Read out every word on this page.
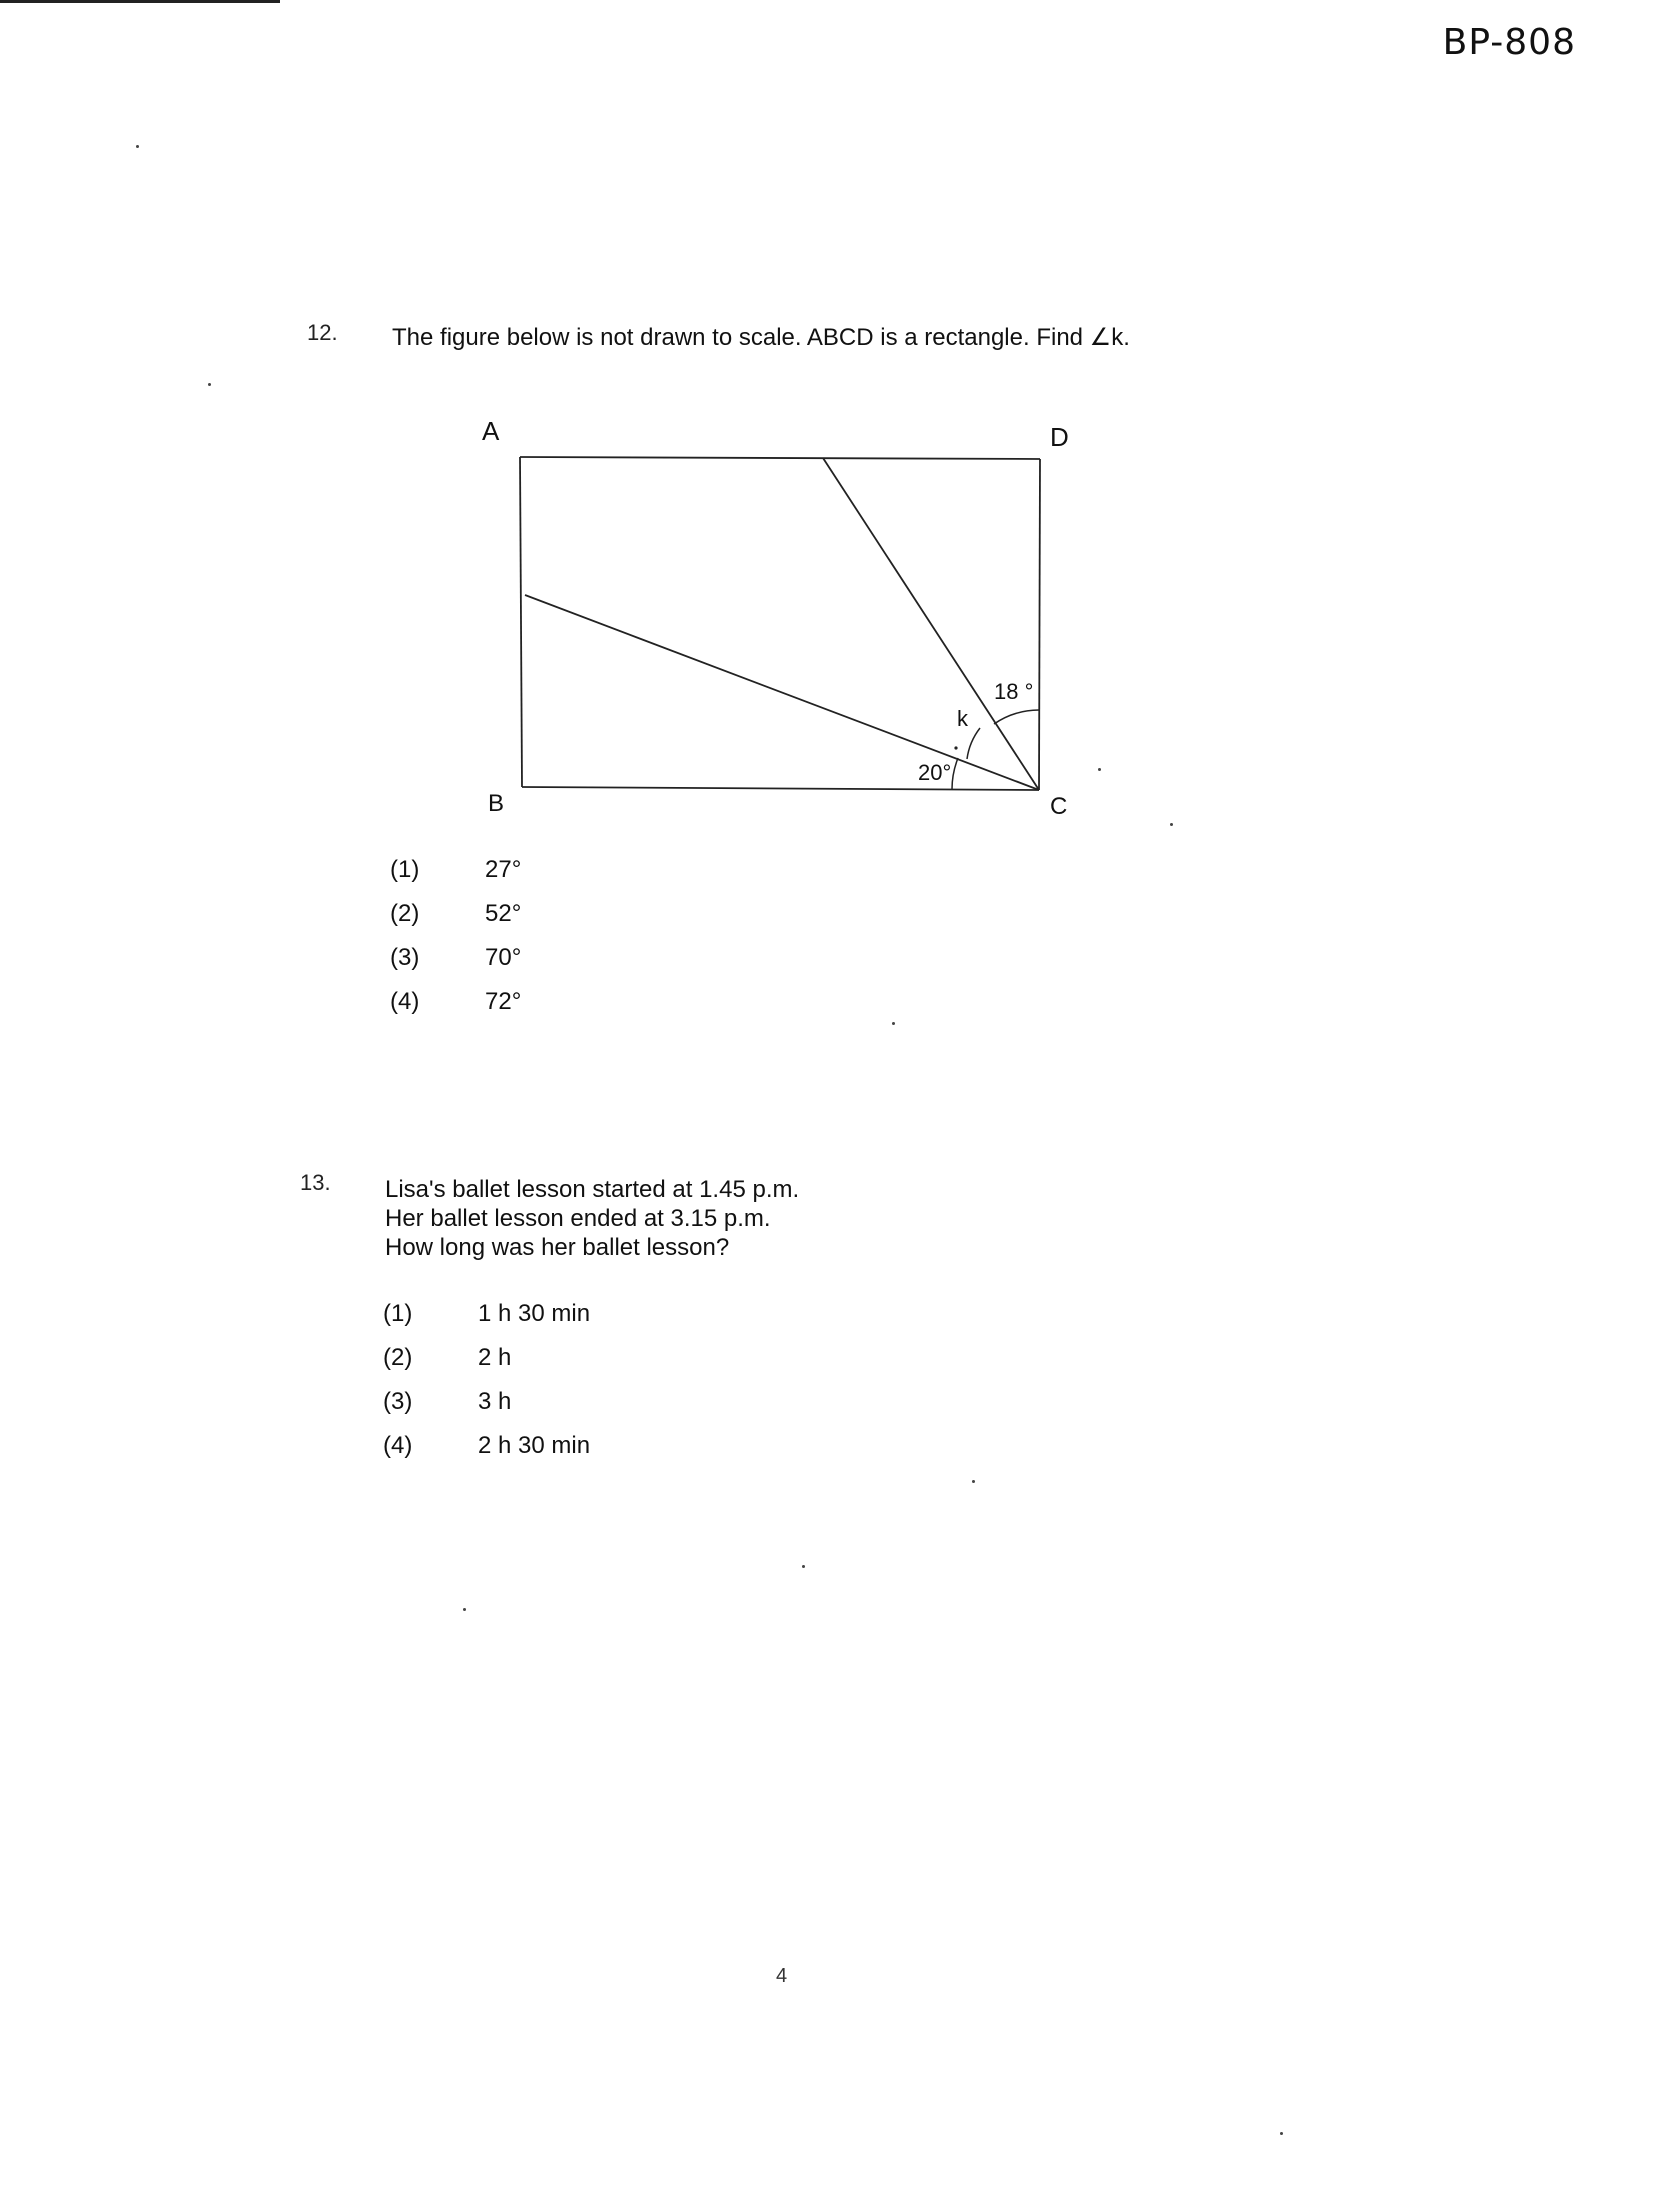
BP-808
12. The figure below is not drawn to scale. ABCD is a rectangle. Find ∠k.
A	D
B	C
18 °
k
20°
(1)	27°
(2)	52°
(3)	70°
(4)	72°
13. Lisa's ballet lesson started at 1.45 p.m.
Her ballet lesson ended at 3.15 p.m.
How long was her ballet lesson?
(1)	1 h 30 min
(2)	2 h
(3)	3 h
(4)	2 h 30 min
4
